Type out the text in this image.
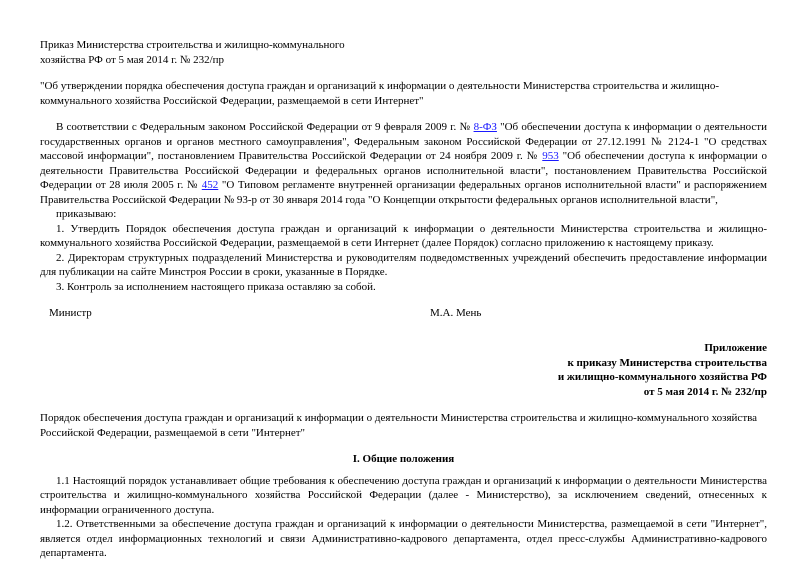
Приказ Министерства строительства и жилищно-коммунального

хозяйства РФ от 5 мая 2014 г. № 232/пр

"Об утверждении порядка обеспечения доступа граждан и организаций к информации о деятельности Министерства строительства и жилищно-коммунального хозяйства Российской Федерации, размещаемой в сети Интернет"

В соответствии с Федеральным законом Российской Федерации от 9 февраля 2009 г. № 8-ФЗ "Об обеспечении доступа к информации о деятельности государственных органов и органов местного самоуправления", Федеральным законом Российской Федерации от 27.12.1991 № 2124-1 "О средствах массовой информации", постановлением Правительства Российской Федерации от 24 ноября 2009 г. № 953 "Об обеспечении доступа к информации о деятельности Правительства Российской Федерации и федеральных органов исполнительной власти", постановлением Правительства Российской Федерации от 28 июля 2005 г. № 452 "О Типовом регламенте внутренней организации федеральных органов исполнительной власти" и распоряжением Правительства Российской Федерации № 93-р от 30 января 2014 года "О Концепции открытости федеральных органов исполнительной власти",

приказываю:

1. Утвердить Порядок обеспечения доступа граждан и организаций к информации о деятельности Министерства строительства и жилищно-коммунального хозяйства Российской Федерации, размещаемой в сети Интернет (далее Порядок) согласно приложению к настоящему приказу.

2. Директорам структурных подразделений Министерства и руководителям подведомственных учреждений обеспечить предоставление информации для публикации на сайте Минстроя России в сроки, указанные в Порядке.

3. Контроль за исполнением настоящего приказа оставляю за собой.

Министр	М.А. Мень
Приложение
к приказу Министерства строительства
и жилищно-коммунального хозяйства РФ
от 5 мая 2014 г. № 232/пр

Порядок обеспечения доступа граждан и организаций к информации о деятельности Министерства строительства и жилищно-коммунального хозяйства Российской Федерации, размещаемой в сети "Интернет"

I. Общие положения

1.1 Настоящий порядок устанавливает общие требования к обеспечению доступа граждан и организаций к информации о деятельности Министерства строительства и жилищно-коммунального хозяйства Российской Федерации (далее - Министерство), за исключением сведений, отнесенных к информации ограниченного доступа.

1.2. Ответственными за обеспечение доступа граждан и организаций к информации о деятельности Министерства, размещаемой в сети "Интернет", является отдел информационных технологий и связи Административно-кадрового департамента, отдел пресс-службы Административно-кадрового департамента.
